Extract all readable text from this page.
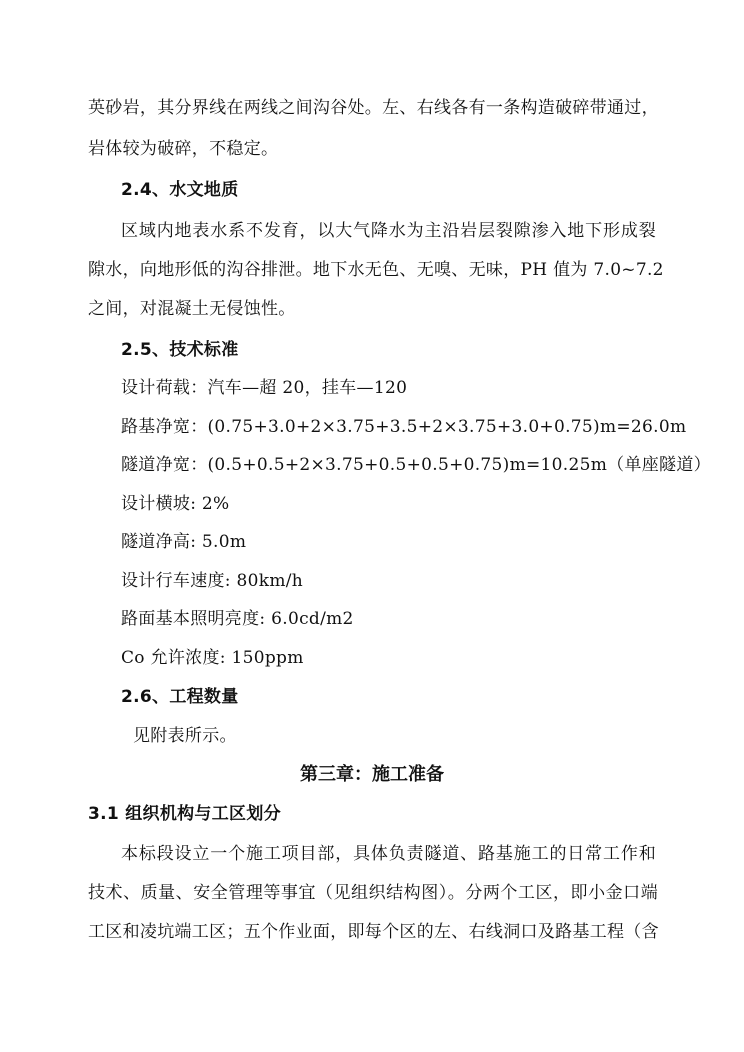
英砂岩，其分界线在两线之间沟谷处。左、右线各有一条构造破碎带通过，
岩体较为破碎，不稳定。
2.4、水文地质
区域内地表水系不发育，以大气降水为主沿岩层裂隙渗入地下形成裂
隙水，向地形低的沟谷排泄。地下水无色、无嗅、无味，PH 值为 7.0~7.2
之间，对混凝土无侵蚀性。
2.5、技术标准
设计荷载：汽车—超 20，挂车—120
路基净宽：(0.75+3.0+2×3.75+3.5+2×3.75+3.0+0.75)m=26.0m
隧道净宽：(0.5+0.5+2×3.75+0.5+0.5+0.75)m=10.25m（单座隧道）
设计横坡: 2%
隧道净高: 5.0m
设计行车速度: 80km/h
路面基本照明亮度: 6.0cd/m2
Co 允许浓度: 150ppm
2.6、工程数量
见附表所示。
第三章：施工准备
3.1 组织机构与工区划分
本标段设立一个施工项目部，具体负责隧道、路基施工的日常工作和
技术、质量、安全管理等事宜（见组织结构图）。分两个工区，即小金口端
工区和凌坑端工区；五个作业面，即每个区的左、右线洞口及路基工程（含
